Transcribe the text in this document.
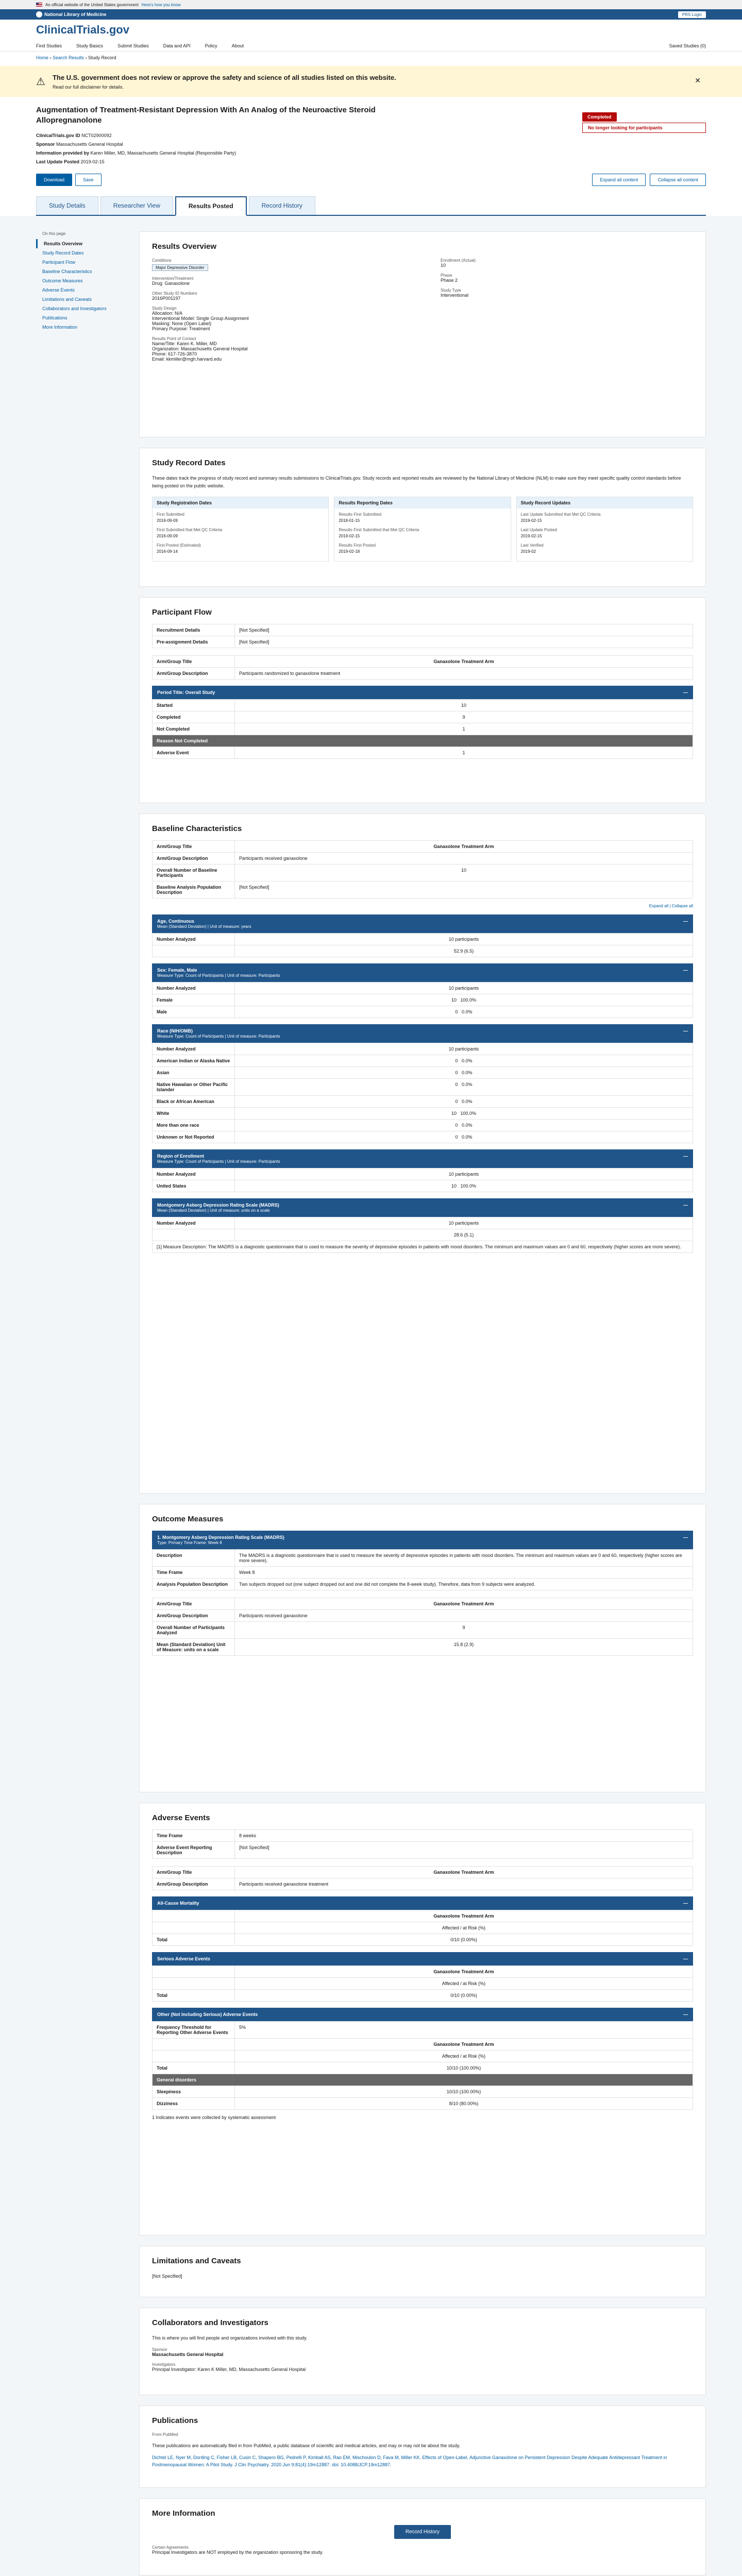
An official website of the United States government Here's how you know
National Library of Medicine	PRS Login
ClinicalTrials.gov
Find Studies	Study Basics	Submit Studies	Data and API	Policy	About	Saved Studies (0)
Home › Search Results › Study Record
⚠ The U.S. government does not review or approve the safety and science of all studies listed on this website.
Read our full disclaimer for details.
✕
Augmentation of Treatment-Resistant Depression With An Analog of the Neuroactive Steroid Allopregnanolone
ClinicalTrials.gov ID NCT02900092
Sponsor Massachusetts General Hospital
Information provided by Karen Miller, MD, Massachusetts General Hospital (Responsible Party)
Last Update Posted 2019-02-15
Completed
No longer looking for participants
Download	Save	Expand all content	Collapse all content
Study Details	Researcher View	Results Posted	Record History
On this page
Results Overview
Study Record Dates
Participant Flow
Baseline Characteristics
Outcome Measures
Adverse Events
Limitations and Caveats
Collaborators and Investigators
Publications
More Information
Results Overview
Conditions
Major Depressive Disorder
Intervention/Treatment
Drug: Ganaxolone
Other Study ID Numbers
2016P001197
Study Design
Allocation: N/A
Interventional Model: Single Group Assignment
Masking: None (Open Label)
Primary Purpose: Treatment
Results Point of Contact
Name/Title: Karen K. Miller, MD
Organization: Massachusetts General Hospital
Phone: 617-726-3870
Email: kkmiller@mgh.harvard.edu
Enrollment (Actual)
10
Phase
Phase 2
Study Type
Interventional
Study Record Dates
These dates track the progress of study record and summary results submissions to ClinicalTrials.gov. Study records and reported results are reviewed by the National Library of Medicine (NLM) to make sure they meet specific quality control standards before being posted on the public website.
Study Registration Dates
First Submitted
2016-09-09
First Submitted that Met QC Criteria
2016-09-09
First Posted (Estimated)
2016-09-14
Results Reporting Dates
Results First Submitted
2018-01-15
Results First Submitted that Met QC Criteria
2019-02-15
Results First Posted
2019-02-18
Study Record Updates
Last Update Submitted that Met QC Criteria
2019-02-15
Last Update Posted
2019-02-15
Last Verified
2019-02
Participant Flow
Recruitment Details	[Not Specified]
Pre-assignment Details	[Not Specified]
Arm/Group Title	Ganaxolone Treatment Arm
Arm/Group Description	Participants randomized to ganaxolone treatment
Period Title: Overall Study	—
Started	10
Completed	9
Not Completed	1
Reason Not Completed	
Adverse Event	1
Baseline Characteristics
Arm/Group Title	Ganaxolone Treatment Arm
Arm/Group Description	Participants received ganaxolone
Overall Number of Baseline Participants	10
Baseline Analysis Population Description	[Not Specified]
Expand all | Collapse all
Age, Continuous
Mean (Standard Deviation) | Unit of measure: years
—
Number Analyzed	10 participants
	52.9 (6.5)
Sex: Female, Male
Measure Type: Count of Participants | Unit of measure: Participants
—
Number Analyzed	10 participants
Female	10 100.0%
Male	0 0.0%
Race (NIH/OMB)
Measure Type: Count of Participants | Unit of measure: Participants
—
Number Analyzed	10 participants
American Indian or Alaska Native	0 0.0%
Asian	0 0.0%
Native Hawaiian or Other Pacific Islander	0 0.0%
Black or African American	0 0.0%
White	10 100.0%
More than one race	0 0.0%
Unknown or Not Reported	0 0.0%
Region of Enrollment
Measure Type: Count of Participants | Unit of measure: Participants
—
Number Analyzed	10 participants
United States	10 100.0%
Montgomery Asberg Depression Rating Scale (MADRS)
Mean (Standard Deviation) | Unit of measure: units on a scale
—
Number Analyzed	10 participants
	28.6 (5.1)
[1] Measure Description: The MADRS is a diagnostic questionnaire that is used to measure the severity of depressive episodes in patients with mood disorders. The minimum and maximum values are 0 and 60, respectively (higher scores are more severe).	
Outcome Measures
1. Montgomery Asberg Depression Rating Scale (MADRS)
Type: Primary Time Frame: Week 8
—
Description	The MADRS is a diagnostic questionnaire that is used to measure the severity of depressive episodes in patients with mood disorders. The minimum and maximum values are 0 and 60, respectively (higher scores are more severe).
Time Frame	Week 8
Analysis Population Description	Two subjects dropped out (one subject dropped out and one did not complete the 8-week study). Therefore, data from 9 subjects were analyzed.
Arm/Group Title	Ganaxolone Treatment Arm
Arm/Group Description	Participants received ganaxolone
Overall Number of Participants Analyzed	9
Mean (Standard Deviation) Unit of Measure: units on a scale	15.8 (2.9)
Adverse Events
Time Frame	8 weeks
Adverse Event Reporting Description	[Not Specified]
Arm/Group Title	Ganaxolone Treatment Arm
Arm/Group Description	Participants received ganaxolone treatment
All-Cause Mortality	—
	Ganaxolone Treatment Arm
	Affected / at Risk (%)
Total	0/10 (0.00%)
Serious Adverse Events	—
	Ganaxolone Treatment Arm
	Affected / at Risk (%)
Total	0/10 (0.00%)
Other (Not Including Serious) Adverse Events	—
Frequency Threshold for Reporting Other Adverse Events	5%
	Ganaxolone Treatment Arm
	Affected / at Risk (%)
Total	10/10 (100.00%)
General disorders	
Sleepiness	10/10 (100.00%)
Dizziness	8/10 (80.00%)
1 Indicates events were collected by systematic assessment
Limitations and Caveats
[Not Specified]
Collaborators and Investigators
This is where you will find people and organizations involved with this study.
Sponsor
Massachusetts General Hospital
Investigators
Principal Investigator: Karen K Miller, MD, Massachusetts General Hospital
Publications
From PubMed
These publications are automatically filed in from PubMed, a public database of scientific and medical articles, and may or may not be about the study.
Dichtel LE, Nyer M, Dording C, Fisher LB, Cusin C, Shapero BG, Pedrelli P, Kimball AS, Rao EM, Mischoulon D, Fava M, Miller KK. Effects of Open-Label, Adjunctive Ganaxolone on Persistent Depression Despite Adequate Antidepressant Treatment in Postmenopausal Women: A Pilot Study. J Clin Psychiatry. 2020 Jun 9;81(4):19m12887. doi: 10.4088/JCP.19m12887.
More Information
Record History
Certain Agreements
Principal Investigators are NOT employed by the organization sponsoring the study.
